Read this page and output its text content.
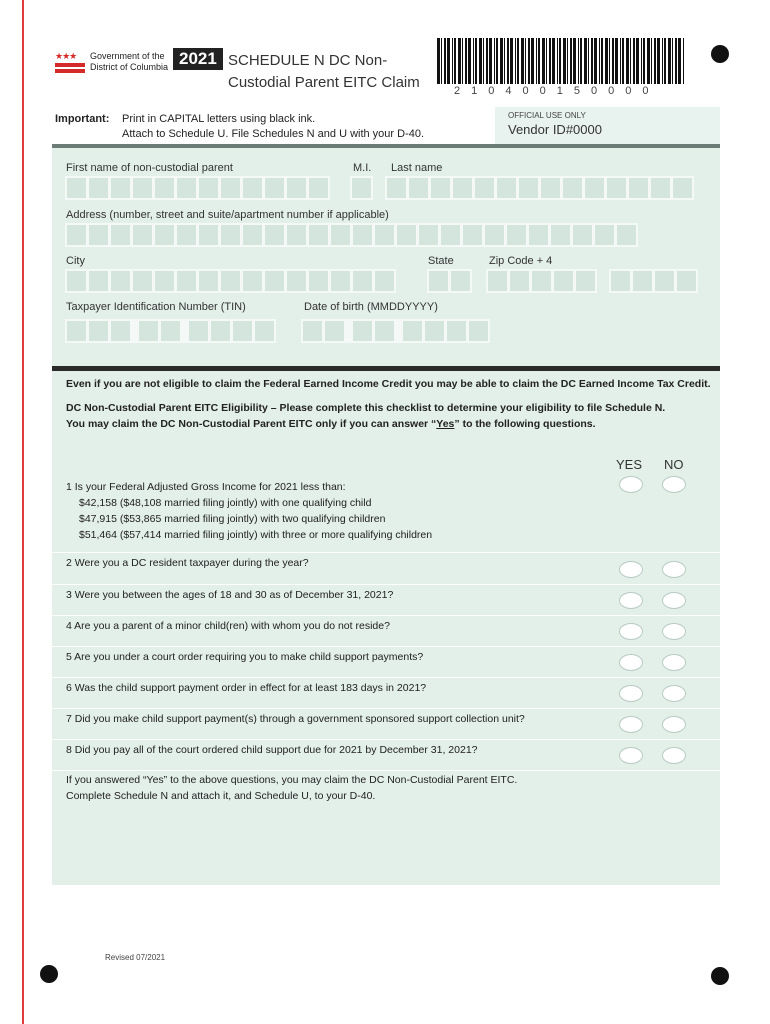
★★★	Government of the
District of Columbia 2021 SCHEDULE N DC Non-
Custodial Parent EITC Claim	2 1 0 4 0 0 1 5 0 0 0 0
Important: Print in CAPITAL letters using black ink.
Attach to Schedule U. File Schedules N and U with your D-40.
OFFICIAL USE ONLY
Vendor ID#0000
First name of non-custodial parent	M.I. Last name
Address (number, street and suite/apartment number if applicable)
City	State	Zip Code + 4
Taxpayer Identification Number (TIN)	Date of birth (MMDDYYYY)
Even if you are not eligible to claim the Federal Earned Income Credit you may be able to claim the DC Earned Income Tax Credit.
DC Non-Custodial Parent EITC Eligibility – Please complete this checklist to determine your eligibility to file Schedule N.
You may claim the DC Non-Custodial Parent EITC only if you can answer “Yes” to the following questions.
YES NO
1 Is your Federal Adjusted Gross Income for 2021 less than:
$42,158 ($48,108 married filing jointly) with one qualifying child
$47,915 ($53,865 married filing jointly) with two qualifying children
$51,464 ($57,414 married filing jointly) with three or more qualifying children
2 Were you a DC resident taxpayer during the year?
3 Were you between the ages of 18 and 30 as of December 31, 2021?
4 Are you a parent of a minor child(ren) with whom you do not reside?
5 Are you under a court order requiring you to make child support payments?
6 Was the child support payment order in effect for at least 183 days in 2021?
7 Did you make child support payment(s) through a government sponsored support collection unit?
8 Did you pay all of the court ordered child support due for 2021 by December 31, 2021?
If you answered “Yes” to the above questions, you may claim the DC Non-Custodial Parent EITC.
Complete Schedule N and attach it, and Schedule U, to your D-40.
Revised 07/2021
